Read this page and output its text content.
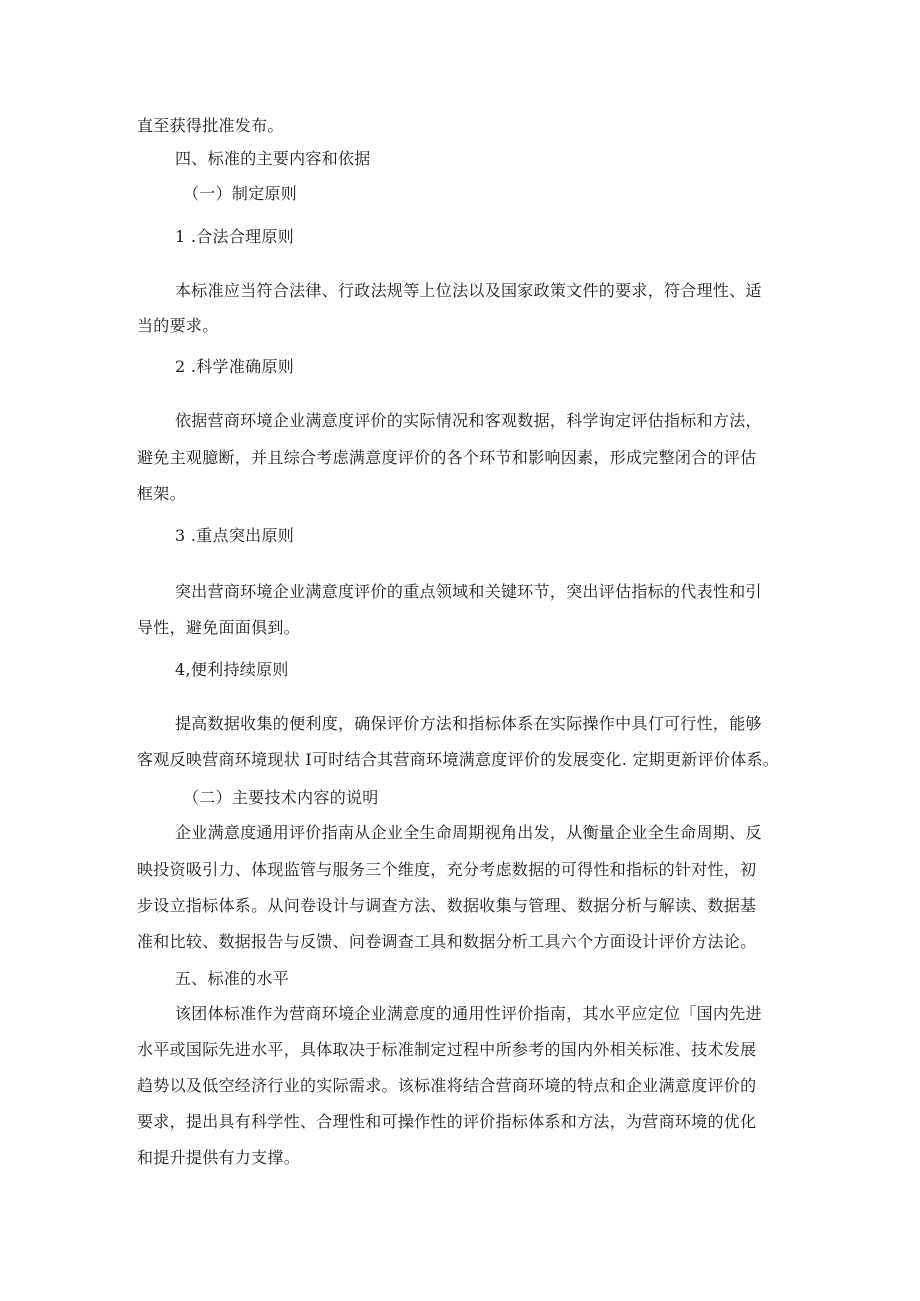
直至获得批准发布。
四、标准的主要内容和依据
（一）制定原则
1 .合法合理原则
本标准应当符合法律、行政法规等上位法以及国家政策文件的要求，符合理性、适
当的要求。
2 .科学准确原则
依据营商环境企业满意度评价的实际情况和客观数据，科学询定评估指标和方法，
避免主观臆断，并且综合考虑满意度评价的各个环节和影响因素，形成完整闭合的评估
框架。
3 .重点突出原则
突出营商环境企业满意度评价的重点领域和关键环节，突出评估指标的代表性和引
导性，避免面面俱到。
4,便利持续原则
提高数据收集的便利度，确保评价方法和指标体系在实际操作中具仃可行性，能够
客观反映营商环境现状 I可时结合其营商环境满意度评价的发展变化. 定期更新评价体系。
（二）主要技术内容的说明
企业满意度通用评价指南从企业全生命周期视角出发，从衡量企业全生命周期、反
映投资吸引力、体现监管与服务三个维度，充分考虑数据的可得性和指标的针对性，初
步设立指标体系。从问卷设计与调查方法、数据收集与管理、数据分析与解读、数据基
准和比较、数据报告与反馈、问卷调查工具和数据分析工具六个方面设计评价方法论。
五、标准的水平
该团体标准作为营商环境企业满意度的通用性评价指南，其水平应定位「国内先进
水平或国际先进水平，具体取决于标准制定过程中所参考的国内外相关标准、技术发展
趋势以及低空经济行业的实际需求。该标准将结合营商环境的特点和企业满意度评价的
要求，提出具有科学性、合理性和可操作性的评价指标体系和方法，为营商环境的优化
和提升提供有力支撑。
